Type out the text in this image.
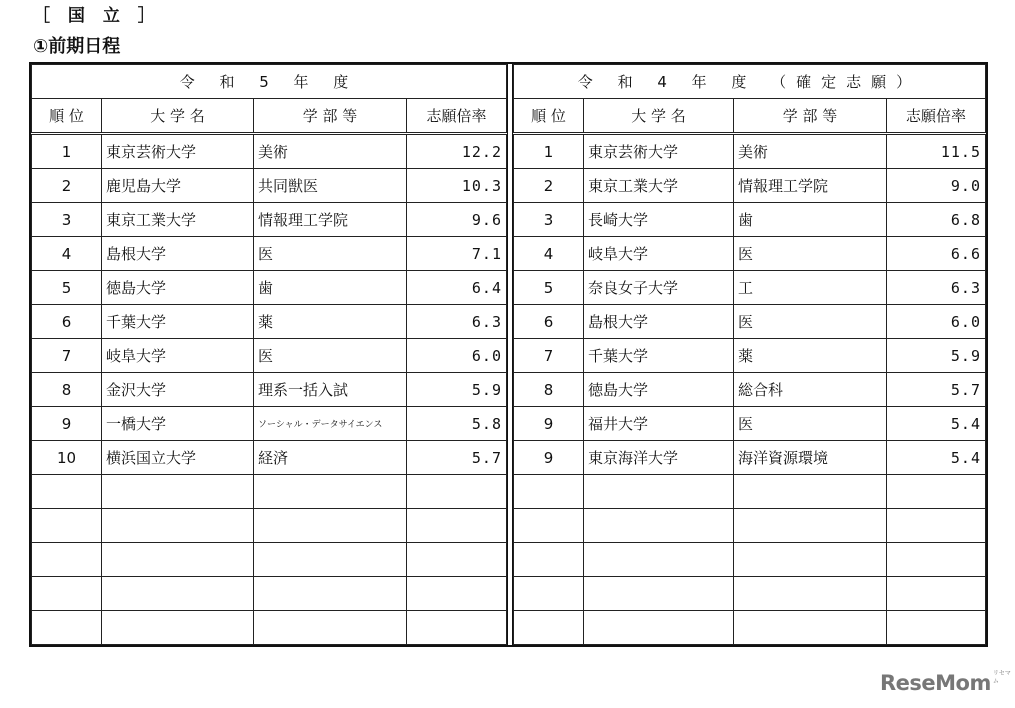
［ 国 立 ］
①前期日程
令 和 5 年 度			
順 位	大 学 名	学 部 等	志願倍率
1	東京芸術大学	美術	12.2
2	鹿児島大学	共同獣医	10.3
3	東京工業大学	情報理工学院	9.6
4	島根大学	医	7.1
5	徳島大学	歯	6.4
6	千葉大学	薬	6.3
7	岐阜大学	医	6.0
8	金沢大学	理系一括入試	5.9
9	一橋大学	ソーシャル・データサイエンス	5.8
10	横浜国立大学	経済	5.7

令 和 4 年 度 （確定志願）			
順 位	大 学 名	学 部 等	志願倍率
1	東京芸術大学	美術	11.5
2	東京工業大学	情報理工学院	9.0
3	長崎大学	歯	6.8
4	岐阜大学	医	6.6
5	奈良女子大学	工	6.3
6	島根大学	医	6.0
7	千葉大学	薬	5.9
8	徳島大学	総合科	5.7
9	福井大学	医	5.4
9	東京海洋大学	海洋資源環境	5.4

ReseMom リセマム
